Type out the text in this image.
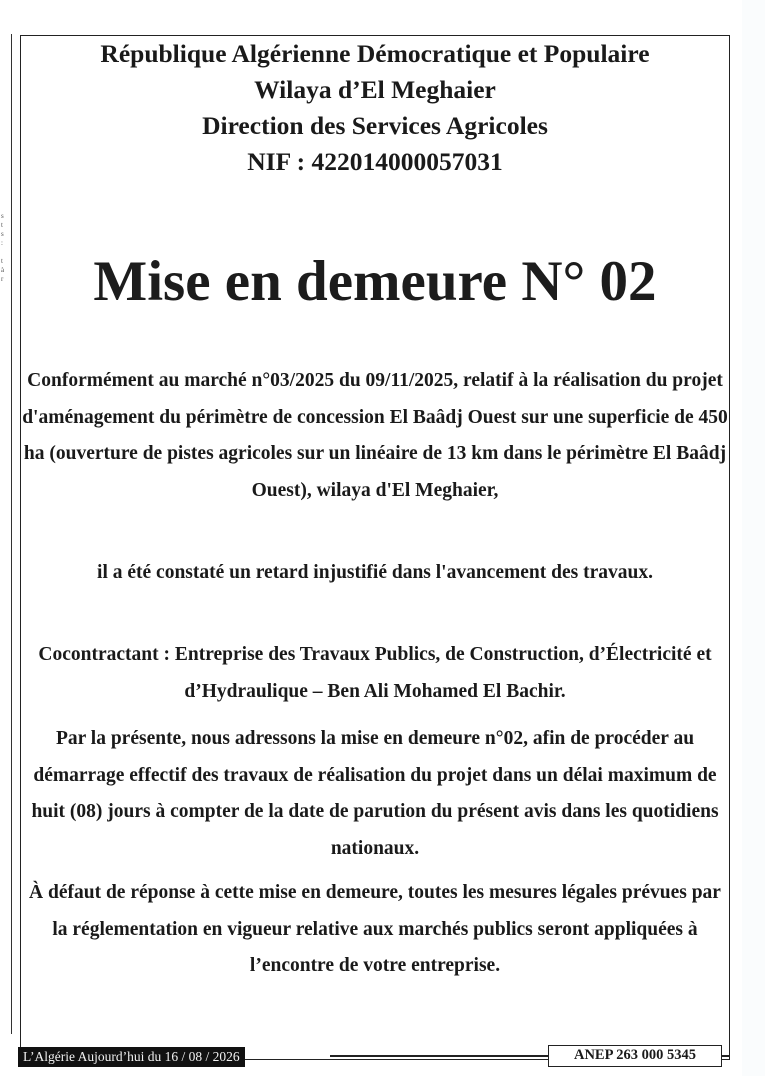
s
t
s
:

t
à
r
République Algérienne Démocratique et Populaire
Wilaya d’El Meghaier
Direction des Services Agricoles
NIF : 422014000057031
Mise en demeure N° 02

Conformément au marché n°03/2025 du 09/11/2025, relatif à la réalisation du projet d'aménagement du périmètre de concession El Baâdj Ouest sur une superficie de 450 ha (ouverture de pistes agricoles sur un linéaire de 13 km dans le périmètre El Baâdj Ouest), wilaya d'El Meghaier,

il a été constaté un retard injustifié dans l'avancement des travaux.

Cocontractant : Entreprise des Travaux Publics, de Construction, d’Électricité et d’Hydraulique – Ben Ali Mohamed El Bachir.

Par la présente, nous adressons la mise en demeure n°02, afin de procéder au démarrage effectif des travaux de réalisation du projet dans un délai maximum de huit (08) jours à compter de la date de parution du présent avis dans les quotidiens nationaux.

À défaut de réponse à cette mise en demeure, toutes les mesures légales prévues par la réglementation en vigueur relative aux marchés publics seront appliquées à l’encontre de votre entreprise.

L’Algérie Aujourd’hui du 16 / 08 / 2026	ANEP 263 000 5345
